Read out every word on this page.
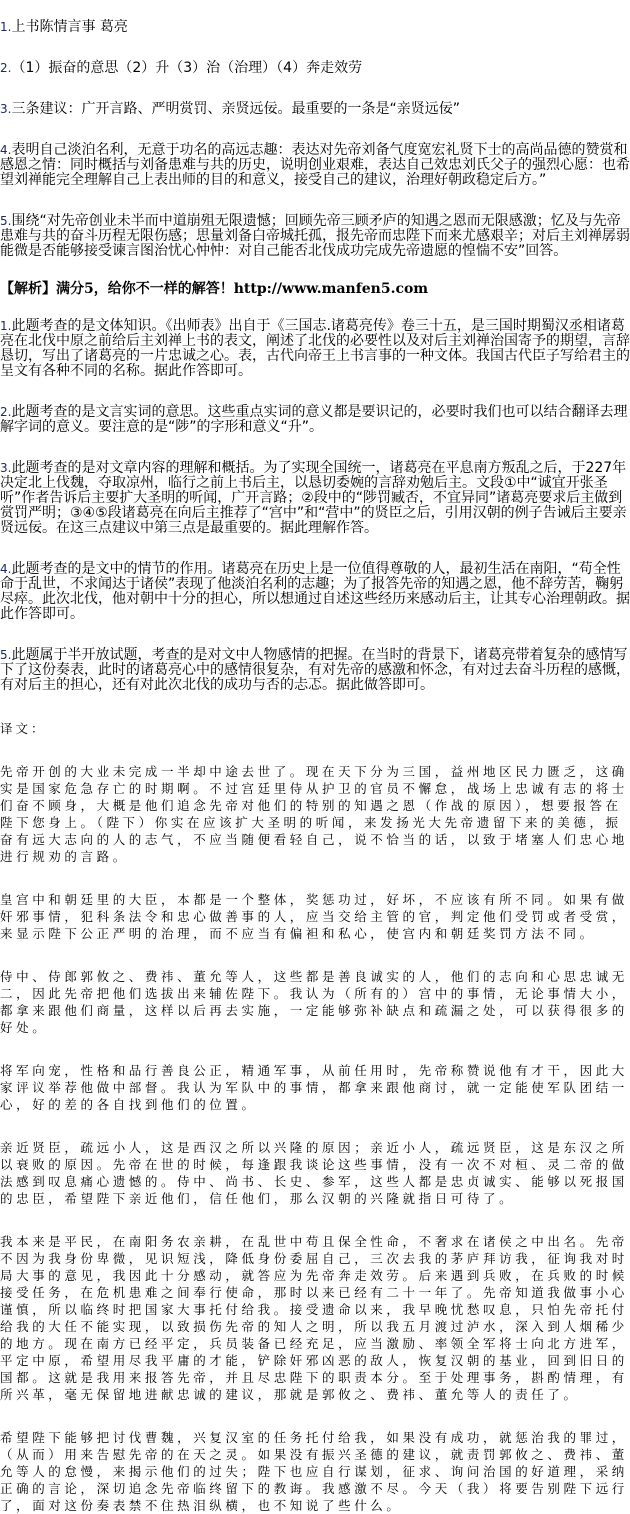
1.上书陈情言事 葛亮

2.（1）振奋的意思（2）升（3）治（治理）（4）奔走效劳

3.三条建议：广开言路、严明赏罚、亲贤远佞。最重要的一条是“亲贤远佞”

4.表明自己淡泊名利，无意于功名的高远志趣：表达对先帝刘备气度宽宏礼贤下士的高尚品德的赞赏和感恩之情：同时概括与刘备患难与共的历史，说明创业艰难，表达自己效忠刘氏父子的强烈心愿：也希望刘禅能完全理解自己上表出师的目的和意义，接受自己的建议，治理好朝政稳定后方。”

5.围绕“对先帝创业未半而中道崩殂无限遗憾；回顾先帝三顾矛庐的知遇之恩而无限感激；忆及与先帝患难与共的奋斗历程无限伤感；思量刘备白帝城托孤，报先帝而忠陛下而来尤感艰辛；对后主刘禅孱弱能微是否能够接受谏言图治忧心忡忡：对自己能否北伐成功完成先帝遗愿的惶惴不安”回答。

【解析】满分5，给你不一样的解答！http://www.manfen5.com

1.此题考查的是文体知识。《出师表》出自于《三国志.诸葛亮传》卷三十五，是三国时期蜀汉丞相诸葛亮在北伐中原之前给后主刘禅上书的表文，阐述了北伐的必要性以及对后主刘禅治国寄予的期望，言辞恳切，写出了诸葛亮的一片忠诚之心。表，古代向帝王上书言事的一种文体。我国古代臣子写给君主的呈文有各种不同的名称。据此作答即可。

2.此题考查的是文言实词的意思。这些重点实词的意义都是要识记的，必要时我们也可以结合翻译去理解字词的意义。要注意的是“陟”的字形和意义“升”。

3.此题考查的是对文章内容的理解和概括。为了实现全国统一，诸葛亮在平息南方叛乱之后，于227年决定北上伐魏，夺取凉州，临行之前上书后主，以恳切委婉的言辞劝勉后主。文段①中“诚宜开张圣听”作者告诉后主要扩大圣明的听闻，广开言路；②段中的“陟罚臧否，不宜异同”诸葛亮要求后主做到赏罚严明；③④⑤段诸葛亮在向后主推荐了“宫中”和“营中”的贤臣之后，引用汉朝的例子告诫后主要亲贤远佞。在这三点建议中第三点是最重要的。据此理解作答。

4.此题考查的是文中的情节的作用。诸葛亮在历史上是一位值得尊敬的人，最初生活在南阳，“苟全性命于乱世，不求闻达于诸侯”表现了他淡泊名利的志趣；为了报答先帝的知遇之恩，他不辞劳苦，鞠躬尽瘁。此次北伐，他对朝中十分的担心，所以想通过自述这些经历来感动后主，让其专心治理朝政。据此作答即可。

5.此题属于半开放试题，考查的是对文中人物感情的把握。在当时的背景下，诸葛亮带着复杂的感情写下了这份奏表，此时的诸葛亮心中的感情很复杂，有对先帝的感激和怀念，有对过去奋斗历程的感慨，有对后主的担心，还有对此次北伐的成功与否的忐忑。据此做答即可。

译文：

先帝开创的大业未完成一半却中途去世了。现在天下分为三国，益州地区民力匮乏，这确实是国家危急存亡的时期啊。不过宫廷里侍从护卫的官员不懈怠，战场上忠诚有志的将士们奋不顾身，大概是他们追念先帝对他们的特别的知遇之恩（作战的原因），想要报答在陛下您身上。（陛下）你实在应该扩大圣明的听闻，来发扬光大先帝遗留下来的美德，振奋有远大志向的人的志气，不应当随便看轻自己，说不恰当的话，以致于堵塞人们忠心地进行规劝的言路。

皇宫中和朝廷里的大臣，本都是一个整体，奖惩功过，好坏，不应该有所不同。如果有做奸邪事情，犯科条法令和忠心做善事的人，应当交给主管的官，判定他们受罚或者受赏，来显示陛下公正严明的治理，而不应当有偏袒和私心，使宫内和朝廷奖罚方法不同。

侍中、侍郎郭攸之、费祎、董允等人，这些都是善良诚实的人，他们的志向和心思忠诚无二，因此先帝把他们选拔出来辅佐陛下。我认为（所有的）宫中的事情，无论事情大小，都拿来跟他们商量，这样以后再去实施，一定能够弥补缺点和疏漏之处，可以获得很多的好处。

将军向宠，性格和品行善良公正，精通军事，从前任用时，先帝称赞说他有才干，因此大家评议举荐他做中部督。我认为军队中的事情，都拿来跟他商讨，就一定能使军队团结一心，好的差的各自找到他们的位置。

亲近贤臣，疏远小人，这是西汉之所以兴隆的原因；亲近小人，疏远贤臣，这是东汉之所以衰败的原因。先帝在世的时候，每逢跟我谈论这些事情，没有一次不对桓、灵二帝的做法感到叹息痛心遗憾的。侍中、尚书、长史、参军，这些人都是忠贞诚实、能够以死报国的忠臣，希望陛下亲近他们，信任他们，那么汉朝的兴隆就指日可待了。

我本来是平民，在南阳务农亲耕，在乱世中苟且保全性命，不奢求在诸侯之中出名。先帝不因为我身份卑微，见识短浅，降低身份委屈自己，三次去我的茅庐拜访我，征询我对时局大事的意见，我因此十分感动，就答应为先帝奔走效劳。后来遇到兵败，在兵败的时候接受任务，在危机患难之间奉行使命，那时以来已经有二十一年了。先帝知道我做事小心谨慎，所以临终时把国家大事托付给我。接受遗命以来，我早晚忧愁叹息，只怕先帝托付给我的大任不能实现，以致损伤先帝的知人之明，所以我五月渡过泸水，深入到人烟稀少的地方。现在南方已经平定，兵员装备已经充足，应当激励、率领全军将士向北方进军，平定中原，希望用尽我平庸的才能，铲除奸邪凶恶的敌人，恢复汉朝的基业，回到旧日的国都。这就是我用来报答先帝，并且尽忠陛下的职责本分。至于处理事务，斟酌情理，有所兴革，毫无保留地进献忠诚的建议，那就是郭攸之、费祎、董允等人的责任了。

希望陛下能够把讨伐曹魏，兴复汉室的任务托付给我，如果没有成功，就惩治我的罪过，（从而）用来告慰先帝的在天之灵。如果没有振兴圣德的建议，就责罚郭攸之、费祎、董允等人的怠慢，来揭示他们的过失；陛下也应自行谋划，征求、询问治国的好道理，采纳正确的言论，深切追念先帝临终留下的教诲。我感激不尽。今天（我）将要告别陛下远行了，面对这份奏表禁不住热泪纵横，也不知说了些什么。
